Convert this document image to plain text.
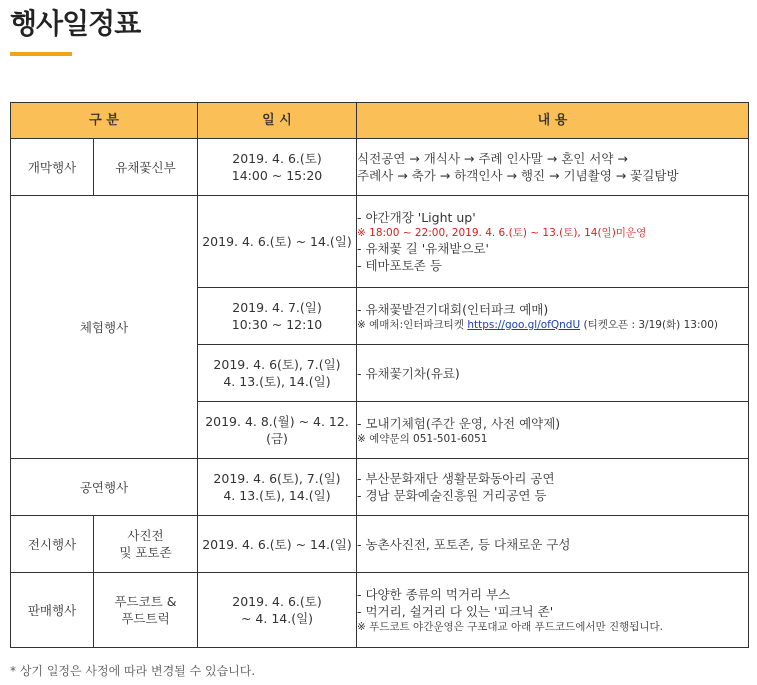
행사일정표
구 분		일 시	내 용
개막행사	유채꽃신부	2019. 4. 6.(토)
14:00 ~ 15:20	식전공연 → 개식사 → 주례 인사말 → 혼인 서약 →
주례사 → 축가 → 하객인사 → 행진 → 기념촬영 → 꽃길탐방

체험행사		2019. 4. 6.(토) ~ 14.(일)	- 야간개장 'Light up'
※ 18:00 ~ 22:00, 2019. 4. 6.(토) ~ 13.(토), 14(일)미운영
- 유채꽃 길 '유채밭으로'
- 테마포토존 등

		2019. 4. 7.(일)
10:30 ~ 12:10	- 유채꽃밭걷기대회(인터파크 예매)
※ 예매처:인터파크티켓 https://goo.gl/ofQndU (티켓오픈 : 3/19(화) 13:00)

		2019. 4. 6(토), 7.(일)
4. 13.(토), 14.(일)	- 유채꽃기차(유료)

		2019. 4. 8.(월) ~ 4. 12.
(금)	- 모내기체험(주간 운영, 사전 예약제)
※ 예약문의 051-501-6051

공연행사		2019. 4. 6(토), 7.(일)
4. 13.(토), 14.(일)	- 부산문화재단 생활문화동아리 공연
- 경남 문화예술진흥원 거리공연 등

전시행사	사진전
및 포토존	2019. 4. 6.(토) ~ 14.(일)	- 농촌사진전, 포토존, 등 다채로운 구성

판매행사	푸드코트 &
푸드트럭	2019. 4. 6.(토)
~ 4. 14.(일)	- 다양한 종류의 먹거리 부스
- 먹거리, 쉴거리 다 있는 '피크닉 존'
※ 푸드코트 야간운영은 구포대교 아래 푸드코드에서만 진행됩니다.
* 상기 일정은 사정에 따라 변경될 수 있습니다.
